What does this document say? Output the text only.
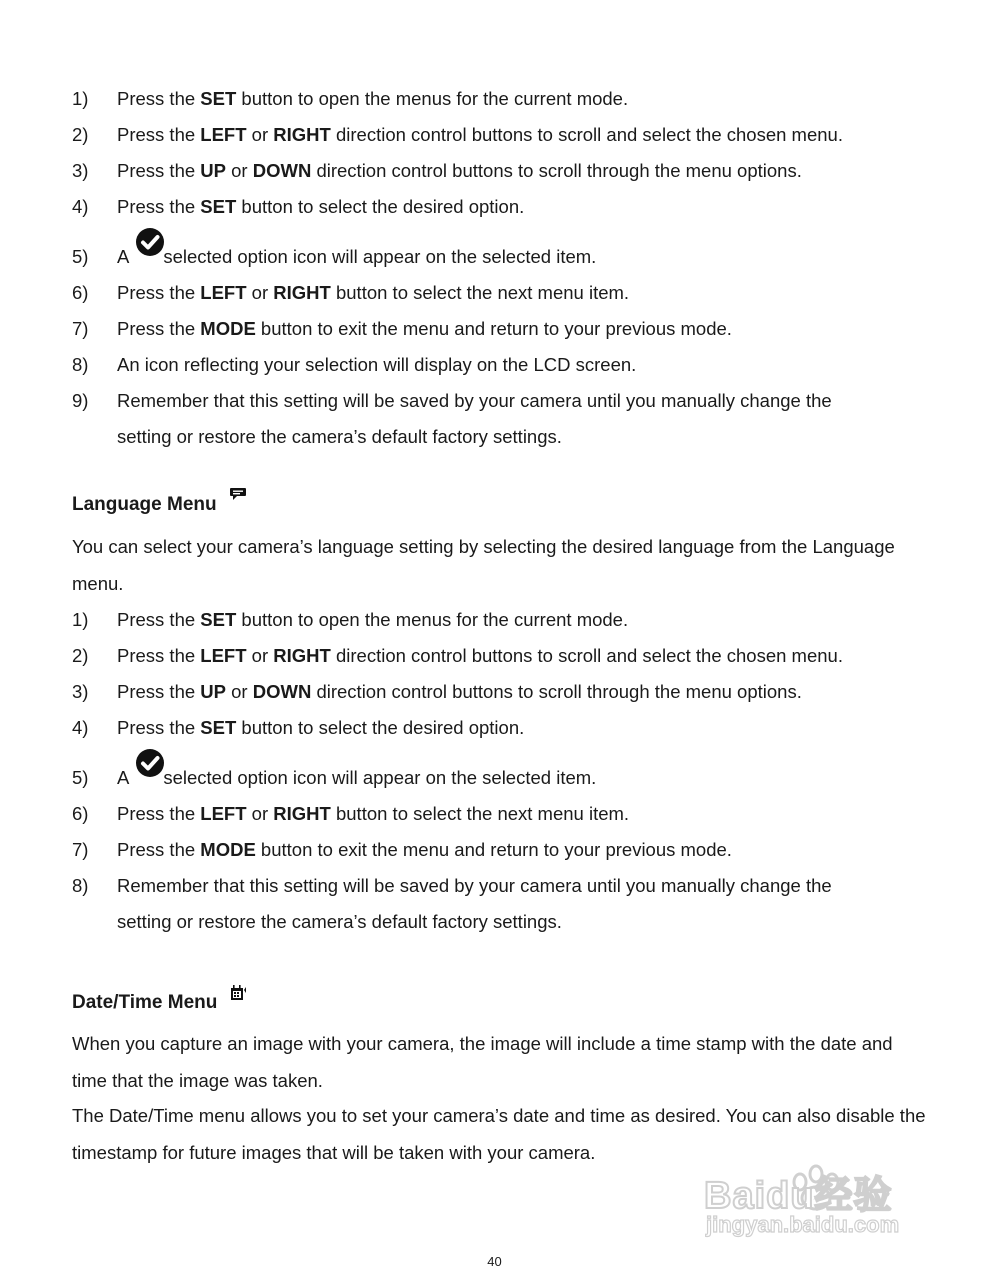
1) Press the SET button to open the menus for the current mode.
2) Press the LEFT or RIGHT direction control buttons to scroll and select the chosen menu.
3) Press the UP or DOWN direction control buttons to scroll through the menu options.
4) Press the SET button to select the desired option.
5) A selected option icon will appear on the selected item.
6) Press the LEFT or RIGHT button to select the next menu item.
7) Press the MODE button to exit the menu and return to your previous mode.
8) An icon reflecting your selection will display on the LCD screen.
9) Remember that this setting will be saved by your camera until you manually change the
setting or restore the camera’s default factory settings.
Language Menu

You can select your camera’s language setting by selecting the desired language from the Language menu.

1) Press the SET button to open the menus for the current mode.
2) Press the LEFT or RIGHT direction control buttons to scroll and select the chosen menu.
3) Press the UP or DOWN direction control buttons to scroll through the menu options.
4) Press the SET button to select the desired option.
5) A selected option icon will appear on the selected item.
6) Press the LEFT or RIGHT button to select the next menu item.
7) Press the MODE button to exit the menu and return to your previous mode.
8) Remember that this setting will be saved by your camera until you manually change the
setting or restore the camera’s default factory settings.
Date/Time Menu

When you capture an image with your camera, the image will include a time stamp with the date and time that the image was taken.

The Date/Time menu allows you to set your camera’s date and time as desired. You can also disable the timestamp for future images that will be taken with your camera.

Baidu经验
jingyan.baidu.com
40
